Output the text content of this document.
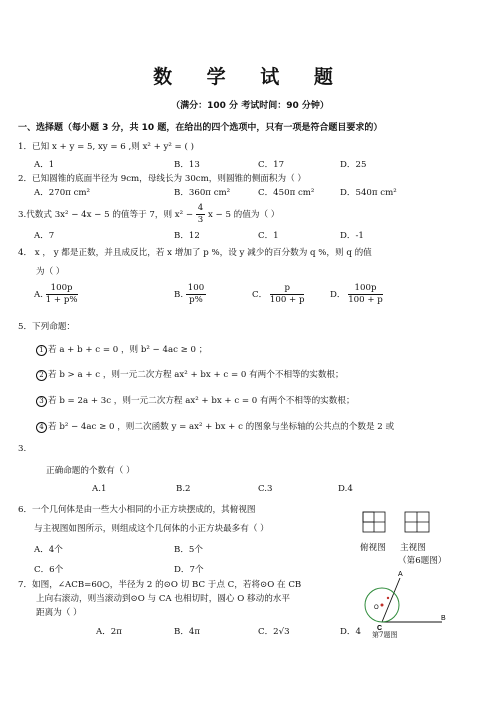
数 学 试 题
（满分：100 分 考试时间：90 分钟）
一、选择题（每小题 3 分，共 10 题，在给出的四个选项中，只有一项是符合题目要求的）
1．已知 x + y = 5, xy = 6 ,则 x² + y² = ( )
A．1	B．13	C．17	D．25
2．已知圆锥的底面半径为 9cm，母线长为 30cm，则圆锥的侧面积为（ ）
A．270π cm²	B．360π cm²	C．450π cm²	D．540π cm²
3.代数式 3x² − 4x − 5 的值等于 7，则 $x^2 - \frac{4}{3}$ x − 5 的值为（ ）
A．7	B．12	C．1	D．-1
4． x ， y 都是正数，并且成反比，若 x 增加了 p %，设 y 减少的百分数为 q %，则 q 的值
为（ ）
A. $\frac{100p}{1 + p\%}$	B. $\frac{100}{p\%}$	C． $\frac{p}{100 + p}$	D． $\frac{100p}{100 + p}$
5．下列命题：
1 若 a + b + c = 0 ，则 b² − 4ac ≥ 0 ；
2 若 b > a + c ，则一元二次方程 ax² + bx + c = 0 有两个不相等的实数根；
3 若 b = 2a + 3c ，则一元二次方程 ax² + bx + c = 0 有两个不相等的实数根；
4 若 b² − 4ac ≥ 0 ，则二次函数 y = ax² + bx + c 的图象与坐标轴的公共点的个数是 2 或
3.
正确命题的个数有（ ）
A.1	B.2	C.3	D.4
6．一个几何体是由一些大小相同的小正方块摆成的，其俯视图
与主视图如图所示，则组成这个几何体的小正方块最多有（ ）
A．4个	B．5个
C．6个	D．7个
俯视图 主视图
（第6题图）
7．如图，∠ACB=60○，半径为 2 的⊙O 切 BC 于点 C，若将⊙O 在 CB
上向右滚动，则当滚动到⊙O 与 CA 也相切时，圆心 O 移动的水平
距离为（ ）
A．2π	B．4π	C．2√3	D．4
A
B
C
O
第7题图
